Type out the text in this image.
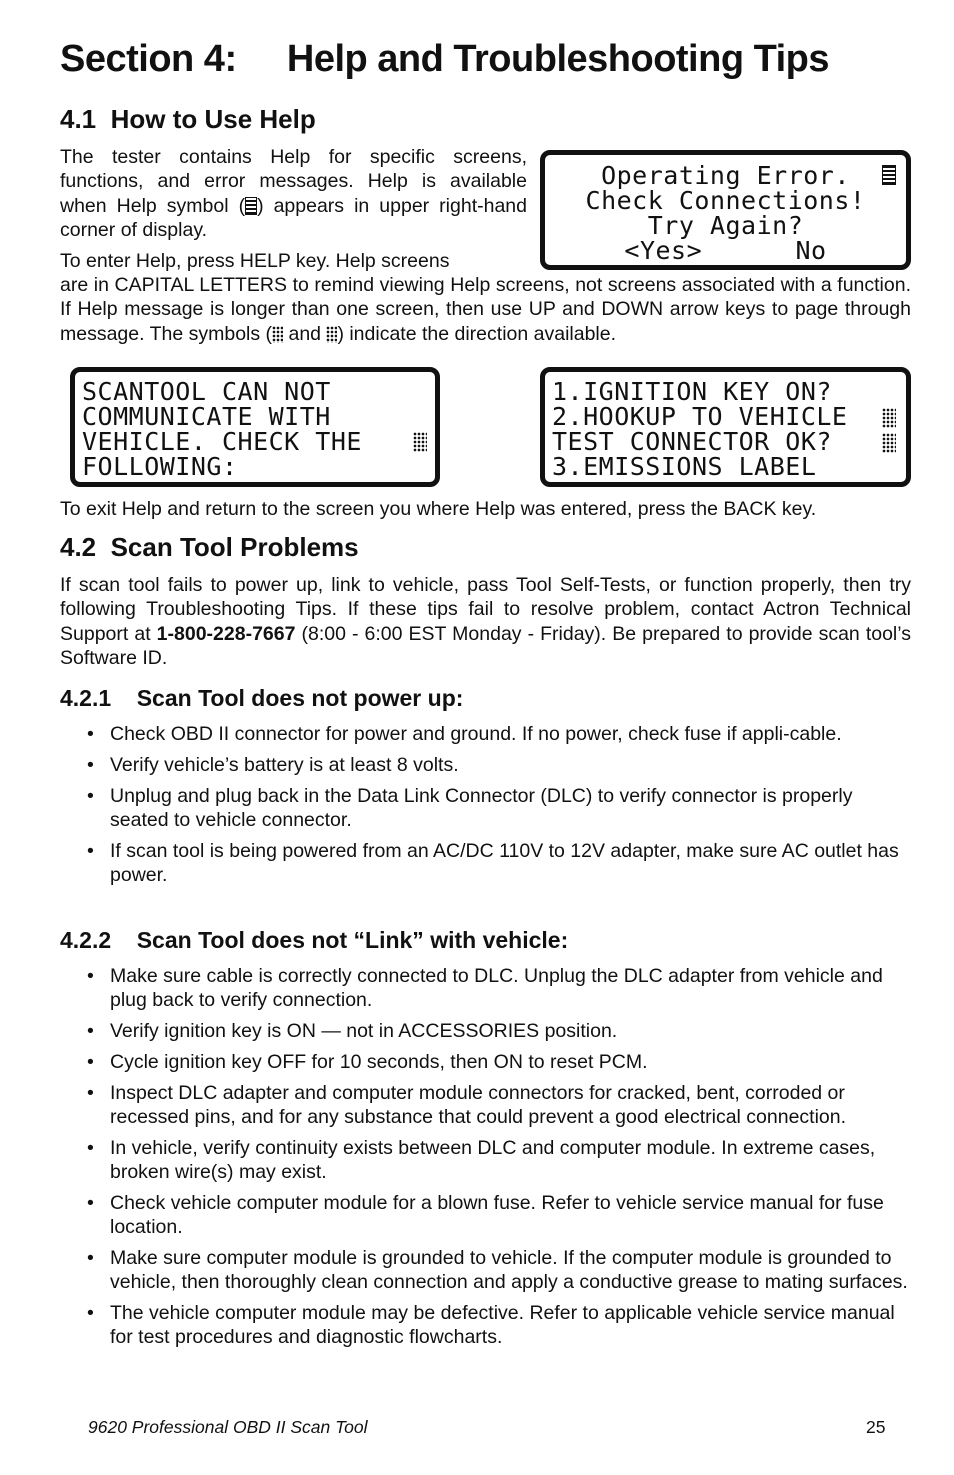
Section 4:     Help and Troubleshooting Tips
4.1  How to Use Help

The tester contains Help for specific screens, functions, and error messages. Help is available when Help symbol ( ) appears in upper right-hand corner of display.

To enter Help, press HELP key. Help screens

are in CAPITAL LETTERS to remind viewing Help screens, not screens associated with a function. If Help message is longer than one screen, then use UP and DOWN arrow keys to page through message. The symbols ( and ) indicate the direction available.

Operating Error.
Check Connections!
Try Again?
<Yes>      No
SCANTOOL CAN NOT
COMMUNICATE WITH
VEHICLE. CHECK THE
FOLLOWING:
1.IGNITION KEY ON?
2.HOOKUP TO VEHICLE
TEST CONNECTOR OK?
3.EMISSIONS LABEL

To exit Help and return to the screen you where Help was entered, press the BACK key.

4.2  Scan Tool Problems

If scan tool fails to power up, link to vehicle, pass Tool Self-Tests, or function properly, then try following Troubleshooting Tips. If these tips fail to resolve problem, contact Actron Technical Support at 1-800-228-7667 (8:00 - 6:00 EST Monday - Friday). Be prepared to provide scan tool’s Software ID.

4.2.1    Scan Tool does not power up:
• Check OBD II connector for power and ground. If no power, check fuse if appli-cable.
• Verify vehicle’s battery is at least 8 volts.
• Unplug and plug back in the Data Link Connector (DLC) to verify connector is properly seated to vehicle connector.
• If scan tool is being powered from an AC/DC 110V to 12V adapter, make sure AC outlet has power.
4.2.2    Scan Tool does not “Link” with vehicle:
• Make sure cable is correctly connected to DLC. Unplug the DLC adapter from vehicle and plug back to verify connection.
• Verify ignition key is ON — not in ACCESSORIES position.
• Cycle ignition key OFF for 10 seconds, then ON to reset PCM.
• Inspect DLC adapter and computer module connectors for cracked, bent, corroded or recessed pins, and for any substance that could prevent a good electrical connection.
• In vehicle, verify continuity exists between DLC and computer module. In extreme cases, broken wire(s) may exist.
• Check vehicle computer module for a blown fuse. Refer to vehicle service manual for fuse location.
• Make sure computer module is grounded to vehicle. If the computer module is grounded to vehicle, then thoroughly clean connection and apply a conductive grease to mating surfaces.
• The vehicle computer module may be defective. Refer to applicable vehicle service manual for test procedures and diagnostic flowcharts.
9620 Professional OBD II Scan Tool	25
